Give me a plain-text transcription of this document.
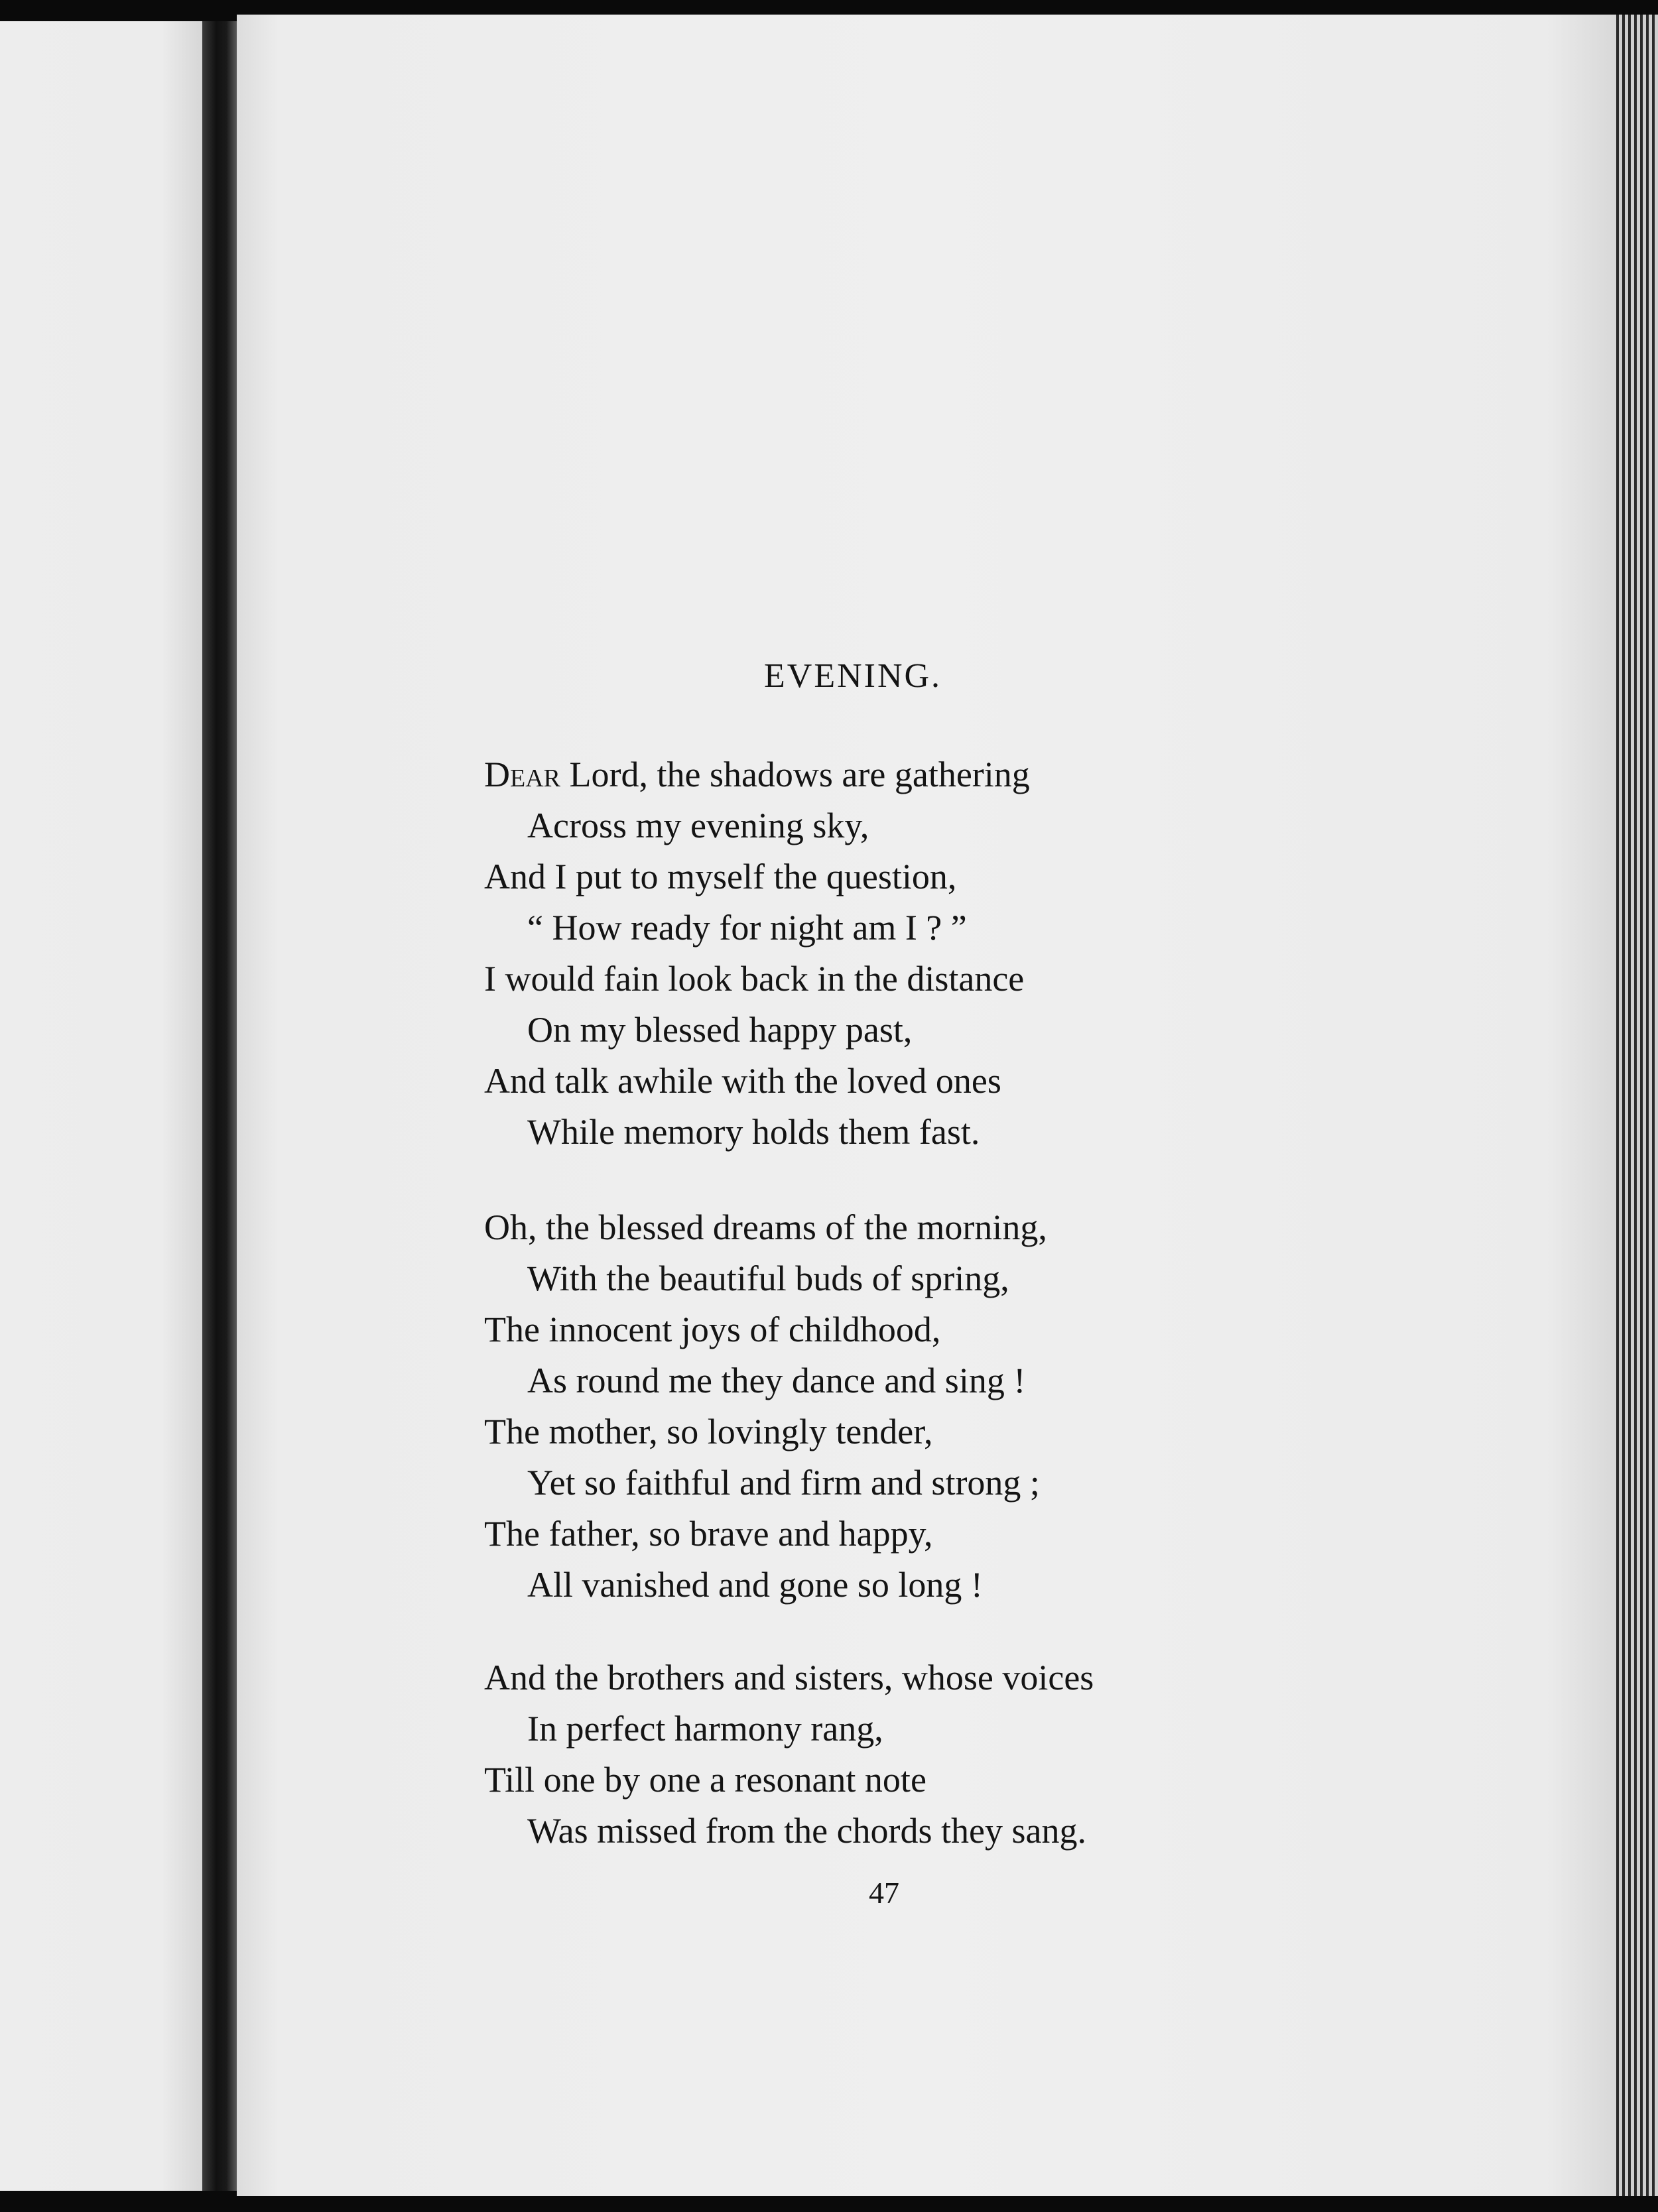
EVENING.
Dear Lord, the shadows are gathering
Across my evening sky,
And I put to myself the question,
“ How ready for night am I ? ”
I would fain look back in the distance
On my blessed happy past,
And talk awhile with the loved ones
While memory holds them fast.
Oh, the blessed dreams of the morning,
With the beautiful buds of spring,
The innocent joys of childhood,
As round me they dance and sing !
The mother, so lovingly tender,
Yet so faithful and firm and strong ;
The father, so brave and happy,
All vanished and gone so long !
And the brothers and sisters, whose voices
In perfect harmony rang,
Till one by one a resonant note
Was missed from the chords they sang.
47
